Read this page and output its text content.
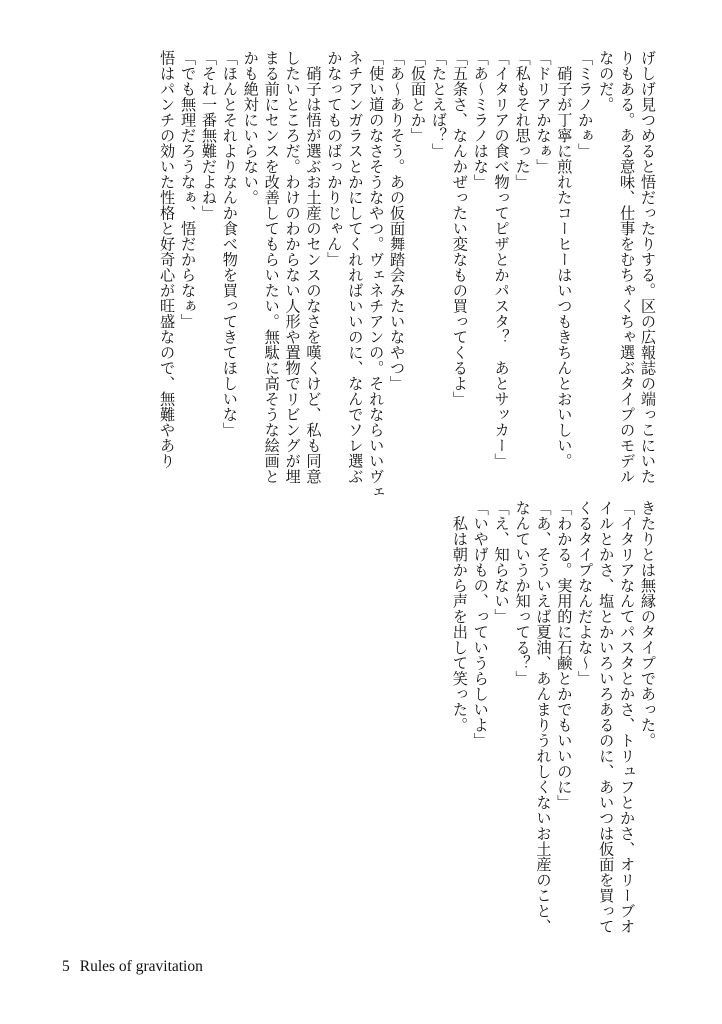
げしげ見つめると悟だったりする。区の広報誌の端っこにいた
りもある。ある意味、仕事をむちゃくちゃ選ぶタイプのモデル
なのだ。
「ミラノかぁ」
　硝子が丁寧に煎れたコーヒーはいつもきちんとおいしい。
「ドリアかなぁ」
「私もそれ思った」
「イタリアの食べ物ってピザとかパスタ？　あとサッカー」
「あ〜ミラノはな」
「五条さ、なんかぜったい変なもの買ってくるよ」
「たとえば？」
「仮面とか」
「あ〜ありそう。あの仮面舞踏会みたいなやつ」
「使い道のなさそうなやつ。ヴェネチアンの。それならいいヴェ
ネチアンガラスとかにしてくれればいいのに、なんでソレ選ぶ
かなってものばっかりじゃん」
　硝子は悟が選ぶお土産のセンスのなさを嘆くけど、私も同意
したいところだ。わけのわからない人形や置物でリビングが埋
まる前にセンスを改善してもらいたい。無駄に高そうな絵画と
かも絶対にいらない。
「ほんとそれよりなんか食べ物を買ってきてほしいな」
「それ一番無難だよね」
「でも無理だろうなぁ、悟だからなぁ」
悟はパンチの効いた性格と好奇心が旺盛なので、無難やあり
きたりとは無縁のタイプであった。
「イタリアなんてパスタとかさ、トリュフとかさ、オリーブオ
イルとかさ、塩とかいろいろあるのに、あいつは仮面を買って
くるタイプなんだよな〜」
「わかる。実用的に石鹸とかでもいいのに」
「あ、そういえば夏油、あんまりうれしくないお土産のこと、
なんていうか知ってる？」
「え、知らない」
「いやげもの、っていうらしいよ」
　私は朝から声を出して笑った。
5 Rules of gravitation
